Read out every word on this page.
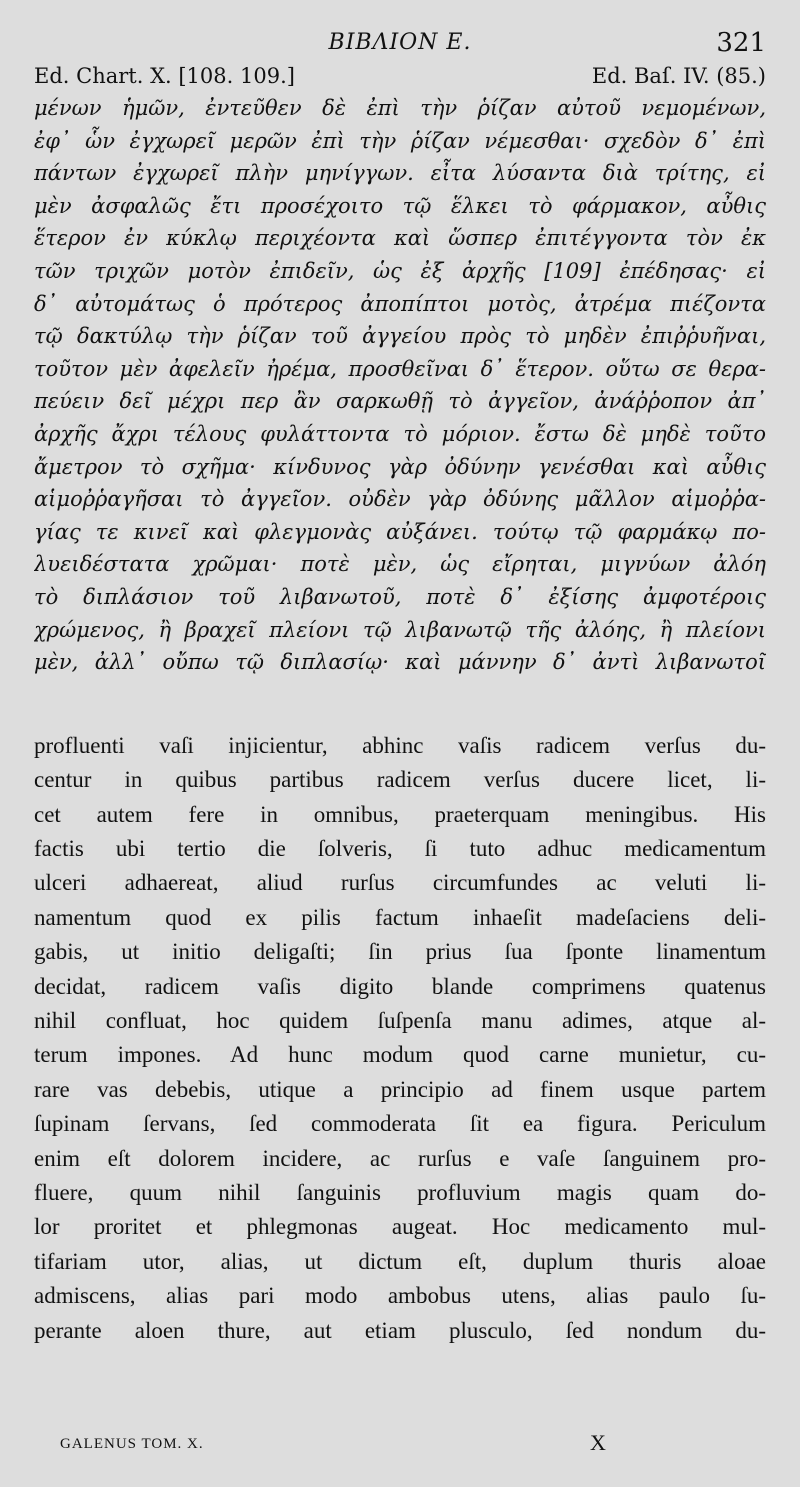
BIBΛΙΟΝ Ε.	321
Ed. Chart. X. [108. 109.]	Ed. Baſ. IV. (85.)
μένων ἡμῶν, ἐντεῦθεν δὲ ἐπὶ τὴν ῥίζαν αὐτοῦ νεμομένων,
ἐφ᾽ ὧν ἐγχωρεῖ μερῶν ἐπὶ τὴν ῥίζαν νέμεσθαι· σχεδὸν δ᾽ ἐπὶ
πάντων ἐγχωρεῖ πλὴν μηνίγγων. εἶτα λύσαντα διὰ τρίτης, εἰ
μὲν ἀσφαλῶς ἔτι προσέχοιτο τῷ ἕλκει τὸ φάρμακον, αὖθις
ἕτερον ἐν κύκλῳ περιχέοντα καὶ ὥσπερ ἐπιτέγγοντα τὸν ἐκ
τῶν τριχῶν μοτὸν ἐπιδεῖν, ὡς ἐξ ἀρχῆς [109] ἐπέδησας· εἰ
δ᾽ αὐτομάτως ὁ πρότερος ἀποπίπτοι μοτὸς, ἀτρέμα πιέζοντα
τῷ δακτύλῳ τὴν ῥίζαν τοῦ ἀγγείου πρὸς τὸ μηδὲν ἐπιῤῥυῆναι,
τοῦτον μὲν ἀφελεῖν ἠρέμα, προσθεῖναι δ᾽ ἕτερον. οὕτω σε θερα-
πεύειν δεῖ μέχρι περ ἂν σαρκωθῇ τὸ ἀγγεῖον, ἀνάῤῥοπον ἀπ᾽
ἀρχῆς ἄχρι τέλους φυλάττοντα τὸ μόριον. ἔστω δὲ μηδὲ τοῦτο
ἄμετρον τὸ σχῆμα· κίνδυνος γὰρ ὀδύνην γενέσθαι καὶ αὖθις
αἱμοῤῥαγῆσαι τὸ ἀγγεῖον. οὐδὲν γὰρ ὀδύνης μᾶλλον αἱμοῤῥα-
γίας τε κινεῖ καὶ φλεγμονὰς αὐξάνει. τούτῳ τῷ φαρμάκῳ πο-
λυειδέστατα χρῶμαι· ποτὲ μὲν, ὡς εἴρηται, μιγνύων ἀλόη
τὸ διπλάσιον τοῦ λιβανωτοῦ, ποτὲ δ᾽ ἐξίσης ἀμφοτέροις
χρώμενος, ἢ βραχεῖ πλείονι τῷ λιβανωτῷ τῆς ἀλόης, ἢ πλείονι
μὲν, ἀλλ᾽ οὔπω τῷ διπλασίῳ· καὶ μάννην δ᾽ ἀντὶ λιβανωτοῖ
profluenti vaſi injicientur, abhinc vaſis radicem verſus du-
centur in quibus partibus radicem verſus ducere licet, li-
cet autem fere in omnibus, praeterquam meningibus. His
factis ubi tertio die ſolveris, ſi tuto adhuc medicamentum
ulceri adhaereat, aliud rurſus circumfundes ac veluti li-
namentum quod ex pilis factum inhaeſit madeſaciens deli-
gabis, ut initio deligaſti; ſin prius ſua ſponte linamentum
decidat, radicem vaſis digito blande comprimens quatenus
nihil confluat, hoc quidem ſuſpenſa manu adimes, atque al-
terum impones. Ad hunc modum quod carne munietur, cu-
rare vas debebis, utique a principio ad finem usque partem
ſupinam ſervans, ſed commoderata ſit ea figura. Periculum
enim eſt dolorem incidere, ac rurſus e vaſe ſanguinem pro-
fluere, quum nihil ſanguinis profluvium magis quam do-
lor proritet et phlegmonas augeat. Hoc medicamento mul-
tifariam utor, alias, ut dictum eſt, duplum thuris aloae
admiscens, alias pari modo ambobus utens, alias paulo ſu-
perante aloen thure, aut etiam plusculo, ſed nondum du-
GALENUS TOM. X.	X
